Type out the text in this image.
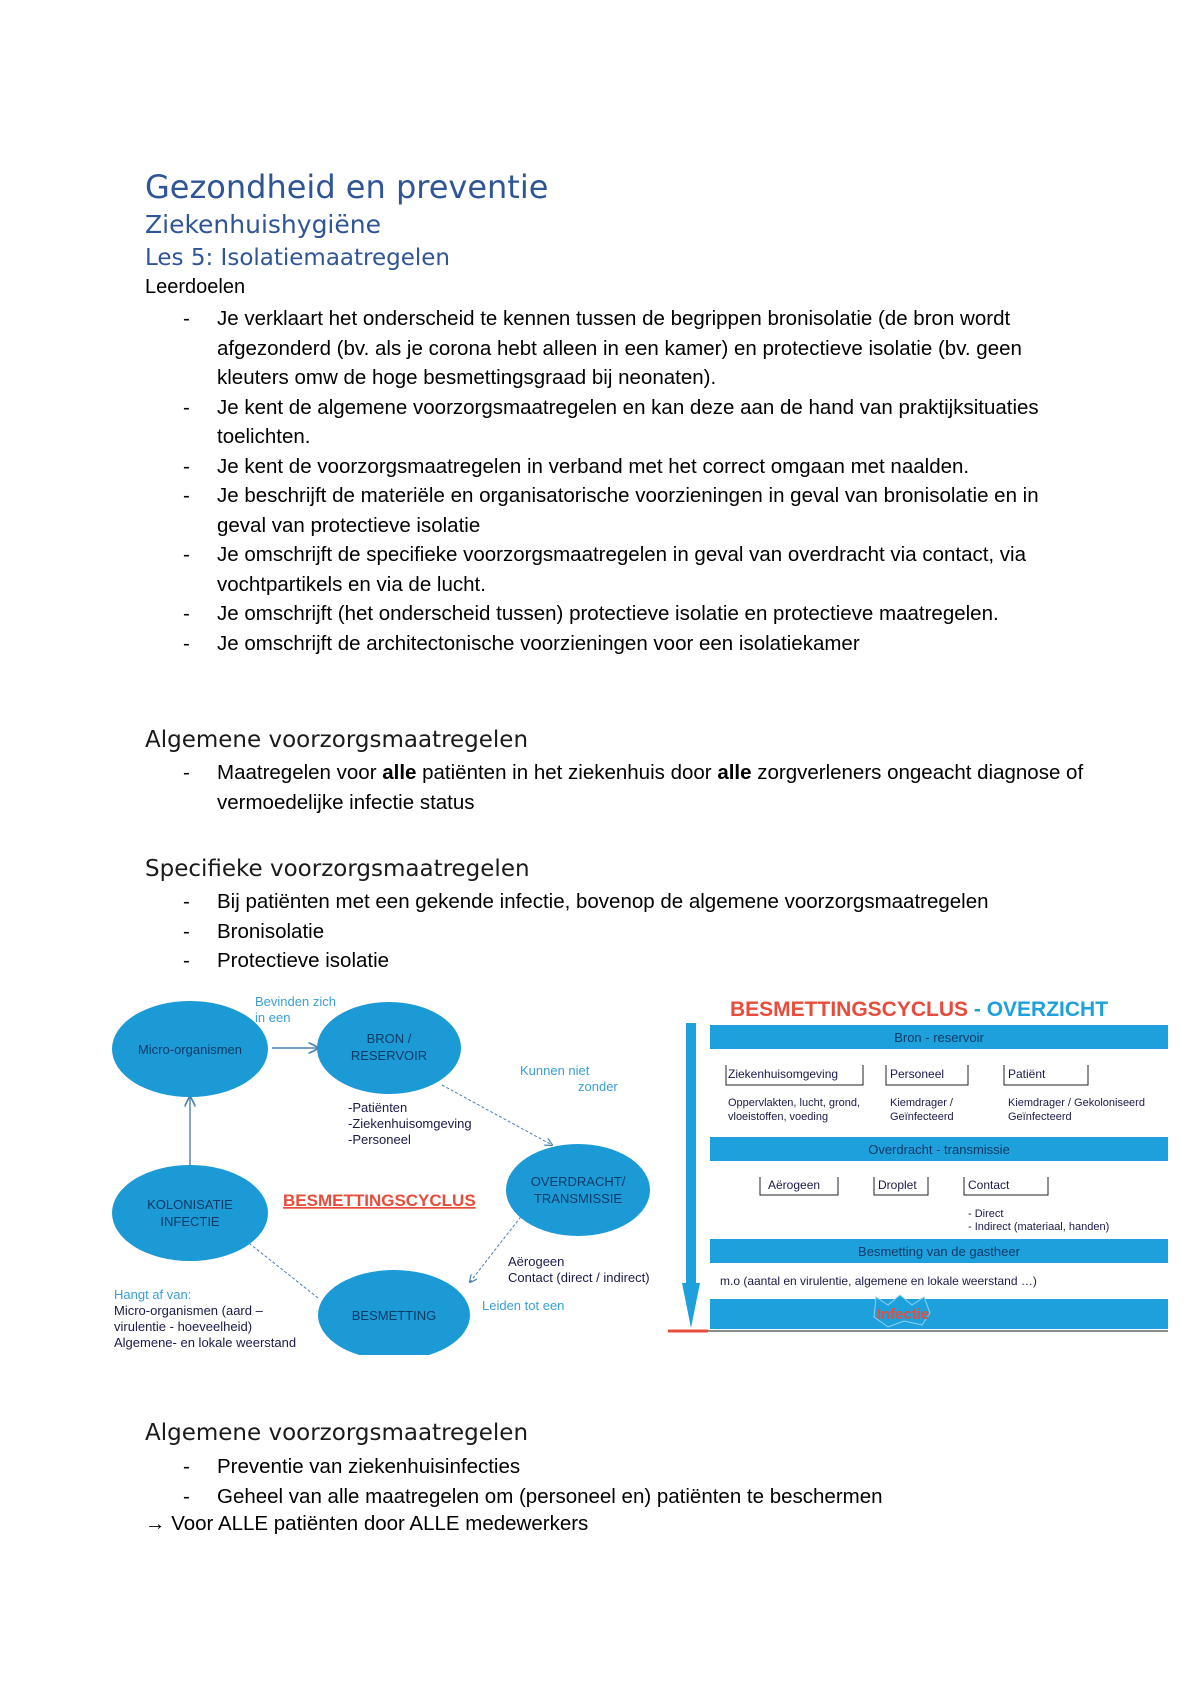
Gezondheid en preventie
Ziekenhuishygiëne
Les 5: Isolatiemaatregelen
Leerdoelen
- Je verklaart het onderscheid te kennen tussen de begrippen bronisolatie (de bron wordt afgezonderd (bv. als je corona hebt alleen in een kamer) en protectieve isolatie (bv. geen kleuters omw de hoge besmettingsgraad bij neonaten).
- Je kent de algemene voorzorgsmaatregelen en kan deze aan de hand van praktijksituaties toelichten.
- Je kent de voorzorgsmaatregelen in verband met het correct omgaan met naalden.
- Je beschrijft de materiële en organisatorische voorzieningen in geval van bronisolatie en in geval van protectieve isolatie
- Je omschrijft de specifieke voorzorgsmaatregelen in geval van overdracht via contact, via vochtpartikels en via de lucht.
- Je omschrijft (het onderscheid tussen) protectieve isolatie en protectieve maatregelen.
- Je omschrijft de architectonische voorzieningen voor een isolatiekamer
Algemene voorzorgsmaatregelen
- Maatregelen voor alle patiënten in het ziekenhuis door alle zorgverleners ongeacht diagnose of vermoedelijke infectie status
Specifieke voorzorgsmaatregelen
- Bij patiënten met een gekende infectie, bovenop de algemene voorzorgsmaatregelen
- Bronisolatie
- Protectieve isolatie
Micro-organismen
BRON /
RESERVOIR
OVERDRACHT/
TRANSMISSIE
BESMETTING
KOLONISATIE
INFECTIE
Bevinden zich
in een
Kunnen niet
zonder
-Patiënten
-Ziekenhuisomgeving
-Personeel
BESMETTINGSCYCLUS
Aërogeen
Contact (direct / indirect)
Leiden tot een
Hangt af van:
Micro-organismen (aard –
virulentie - hoeveelheid)
Algemene- en lokale weerstand
BESMETTINGSCYCLUS - OVERZICHT
Bron - reservoir
Ziekenhuisomgeving
Oppervlakten, lucht, grond,
vloeistoffen, voeding
Personeel
Kiemdrager /
Geïnfecteerd
Patiënt
Kiemdrager / Gekoloniseerd
Geïnfecteerd
Overdracht - transmissie
Aërogeen	Droplet	Contact
- Direct
- Indirect (materiaal, handen)
Besmetting van de gastheer
m.o (aantal en virulentie, algemene en lokale weerstand …)
Infectie
Algemene voorzorgsmaatregelen
- Preventie van ziekenhuisinfecties
- Geheel van alle maatregelen om (personeel en) patiënten te beschermen
→ Voor ALLE patiënten door ALLE medewerkers
